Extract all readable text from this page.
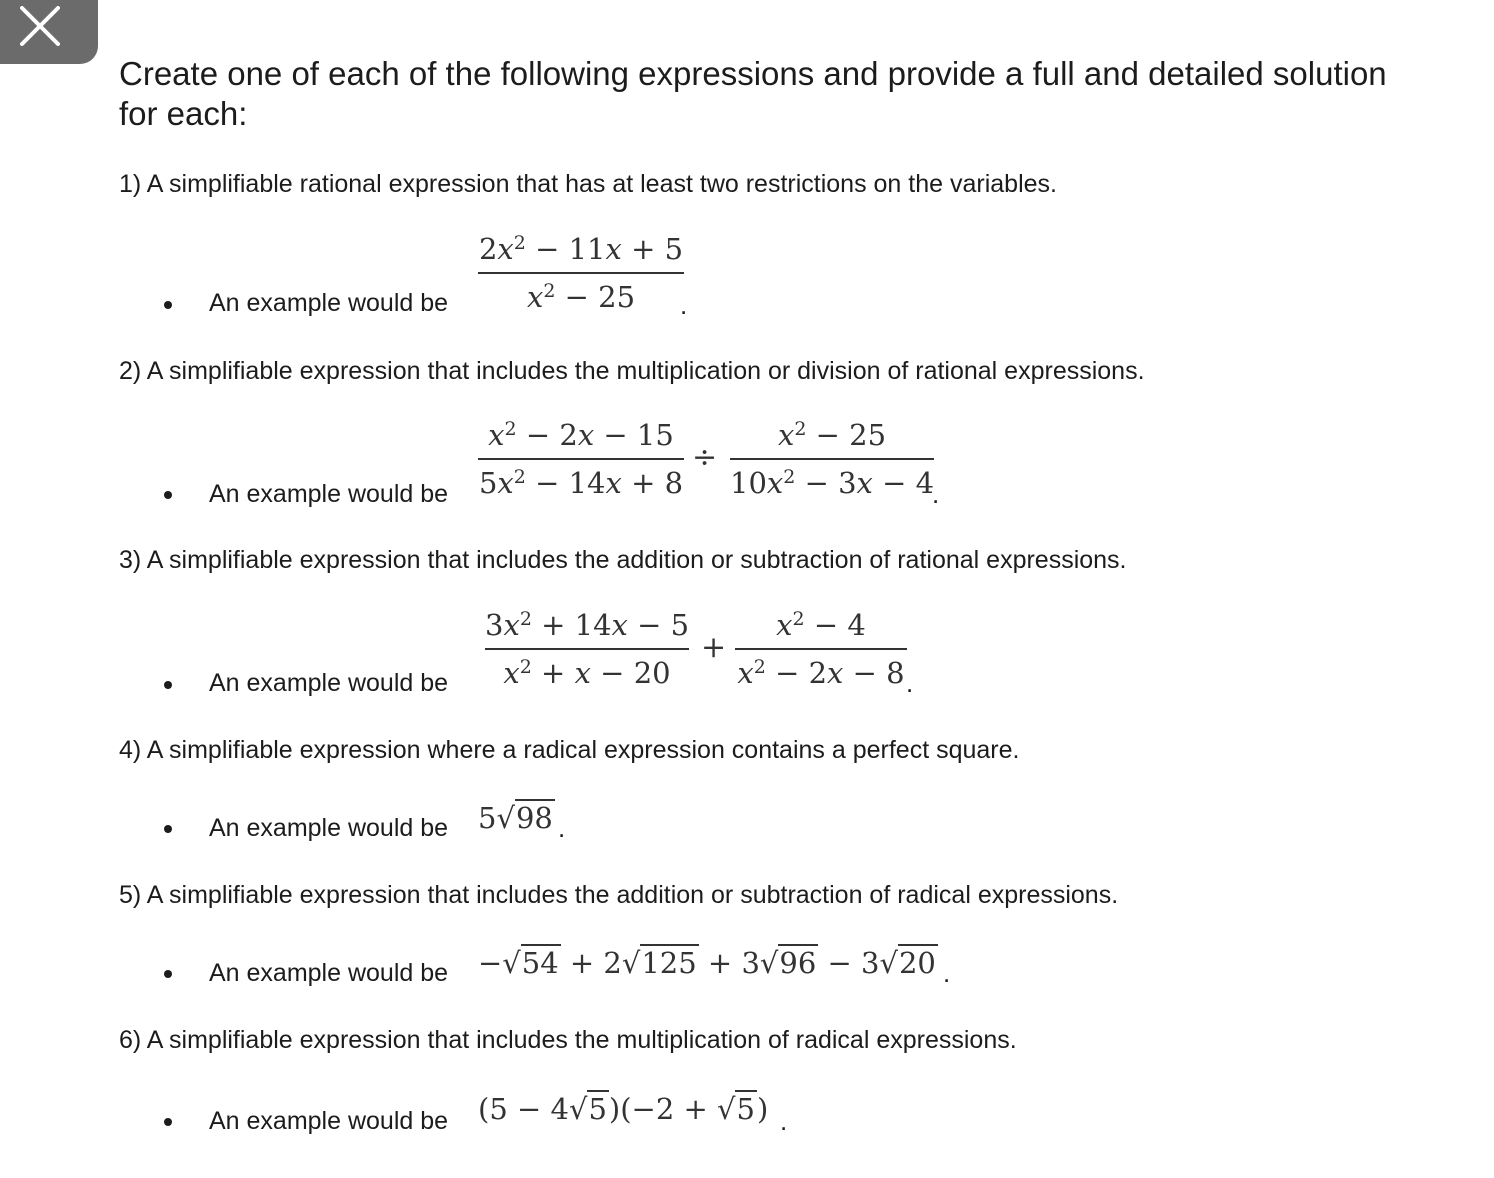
Create one of each of the following expressions and provide a full and detailed solution for each:
1) A simplifiable rational expression that has at least two restrictions on the variables.
An example would be
$2x^2 - 11x + 5$
$x^2 - 25$	.
2) A simplifiable expression that includes the multiplication or division of rational expressions.
An example would be
$x^2 - 2x - 15$
$5x^2 - 14x + 8$
÷
$x^2 - 25$
$10x^2 - 3x - 4$
.
3) A simplifiable expression that includes the addition or subtraction of rational expressions.
An example would be
$3x^2 + 14x - 5$
$x^2 + x - 20$
+
$x^2 - 4$
$x^2 - 2x - 8$ .
4) A simplifiable expression where a radical expression contains a perfect square.
An example would be 5√98 .
5) A simplifiable expression that includes the addition or subtraction of radical expressions.
An example would be −√54 + 2√125 + 3√96 − 3√20 .
6) A simplifiable expression that includes the multiplication of radical expressions.
An example would be (5 − 4√5)(−2 + √5) .
